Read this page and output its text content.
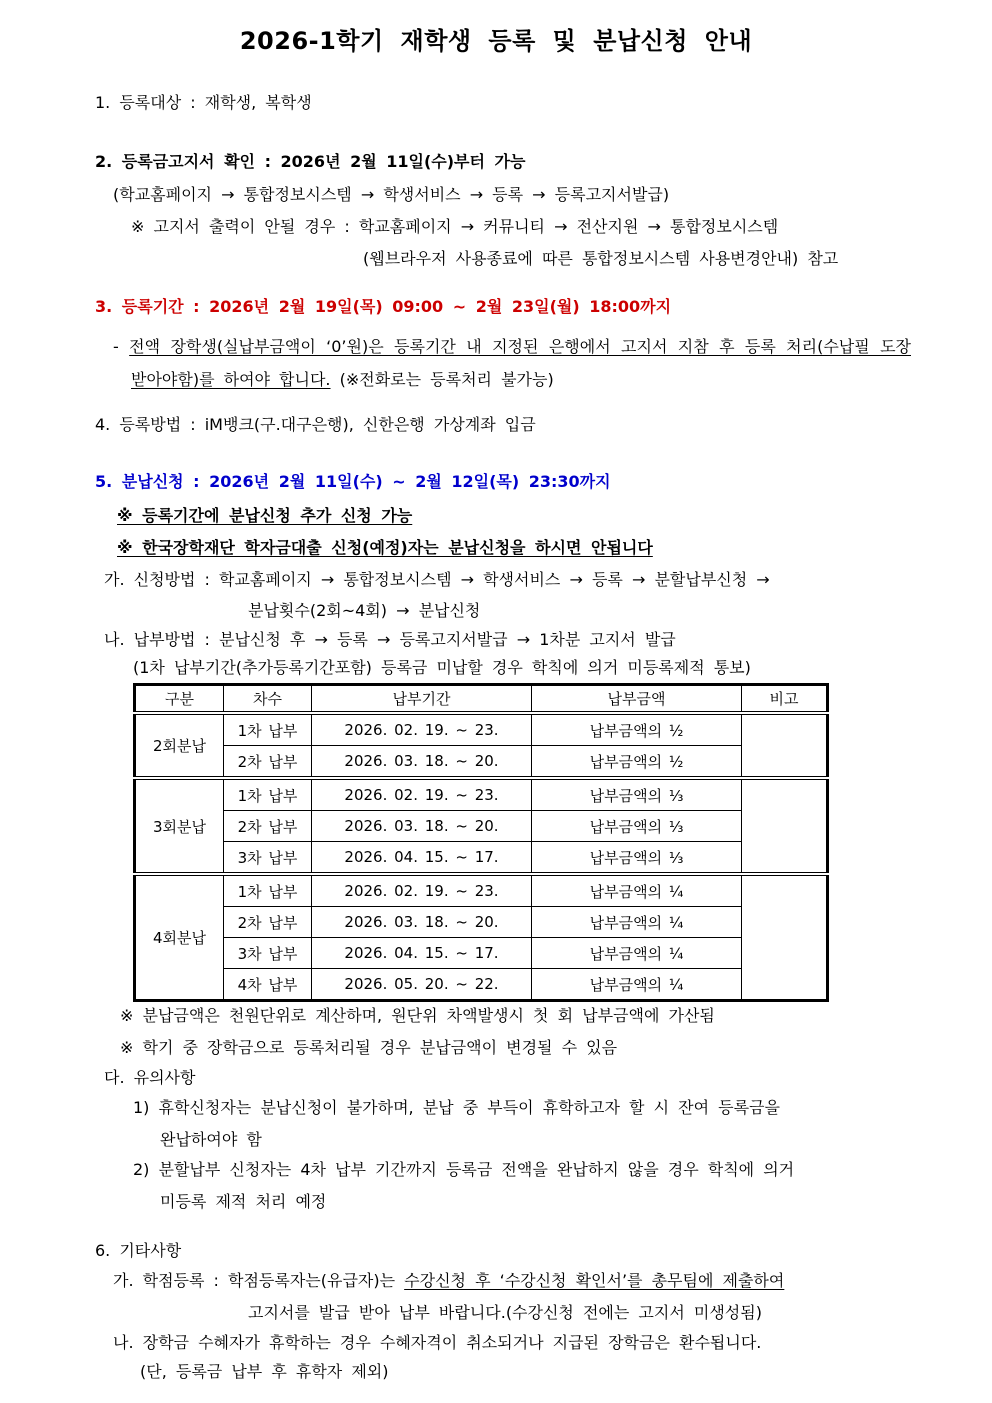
2026-1학기 재학생 등록 및 분납신청 안내
1. 등록대상 : 재학생, 복학생
2. 등록금고지서 확인 : 2026년 2월 11일(수)부터 가능
(학교홈페이지 → 통합정보시스템 → 학생서비스 → 등록 → 등록고지서발급)
※ 고지서 출력이 안될 경우 : 학교홈페이지 → 커뮤니티 → 전산지원 → 통합정보시스템
(웹브라우저 사용종료에 따른 통합정보시스템 사용변경안내) 참고
3. 등록기간 : 2026년 2월 19일(목) 09:00 ~ 2월 23일(월) 18:00까지
- 전액 장학생(실납부금액이 ‘0’원)은 등록기간 내 지정된 은행에서 고지서 지참 후 등록 처리(수납필 도장 받아야함)를 하여야 합니다. (※전화로는 등록처리 불가능)
4. 등록방법 : iM뱅크(구.대구은행), 신한은행 가상계좌 입금
5. 분납신청 : 2026년 2월 11일(수) ~ 2월 12일(목) 23:30까지
※ 등록기간에 분납신청 추가 신청 가능
※ 한국장학재단 학자금대출 신청(예정)자는 분납신청을 하시면 안됩니다
가. 신청방법 : 학교홈페이지 → 통합정보시스템 → 학생서비스 → 등록 → 분할납부신청 →
분납횟수(2회~4회) → 분납신청
나. 납부방법 : 분납신청 후 → 등록 → 등록고지서발급 → 1차분 고지서 발급
(1차 납부기간(추가등록기간포함) 등록금 미납할 경우 학칙에 의거 미등록제적 통보)
구분	차수	납부기간	납부금액	비고
2회분납	1차 납부	2026. 02. 19. ~ 23.	납부금액의 ½	
	2차 납부	2026. 03. 18. ~ 20.	납부금액의 ½	
3회분납	1차 납부	2026. 02. 19. ~ 23.	납부금액의 ⅓	
	2차 납부	2026. 03. 18. ~ 20.	납부금액의 ⅓	
	3차 납부	2026. 04. 15. ~ 17.	납부금액의 ⅓	
4회분납	1차 납부	2026. 02. 19. ~ 23.	납부금액의 ¼	
	2차 납부	2026. 03. 18. ~ 20.	납부금액의 ¼	
	3차 납부	2026. 04. 15. ~ 17.	납부금액의 ¼	
	4차 납부	2026. 05. 20. ~ 22.	납부금액의 ¼	
※ 분납금액은 천원단위로 계산하며, 원단위 차액발생시 첫 회 납부금액에 가산됨
※ 학기 중 장학금으로 등록처리될 경우 분납금액이 변경될 수 있음
다. 유의사항
1) 휴학신청자는 분납신청이 불가하며, 분납 중 부득이 휴학하고자 할 시 잔여 등록금을
완납하여야 함
2) 분할납부 신청자는 4차 납부 기간까지 등록금 전액을 완납하지 않을 경우 학칙에 의거
미등록 제적 처리 예정
6. 기타사항
가. 학점등록 : 학점등록자는(유급자)는 수강신청 후 ‘수강신청 확인서’를 총무팀에 제출하여
고지서를 발급 받아 납부 바랍니다.(수강신청 전에는 고지서 미생성됨)
나. 장학금 수혜자가 휴학하는 경우 수혜자격이 취소되거나 지급된 장학금은 환수됩니다.
(단, 등록금 납부 후 휴학자 제외)
